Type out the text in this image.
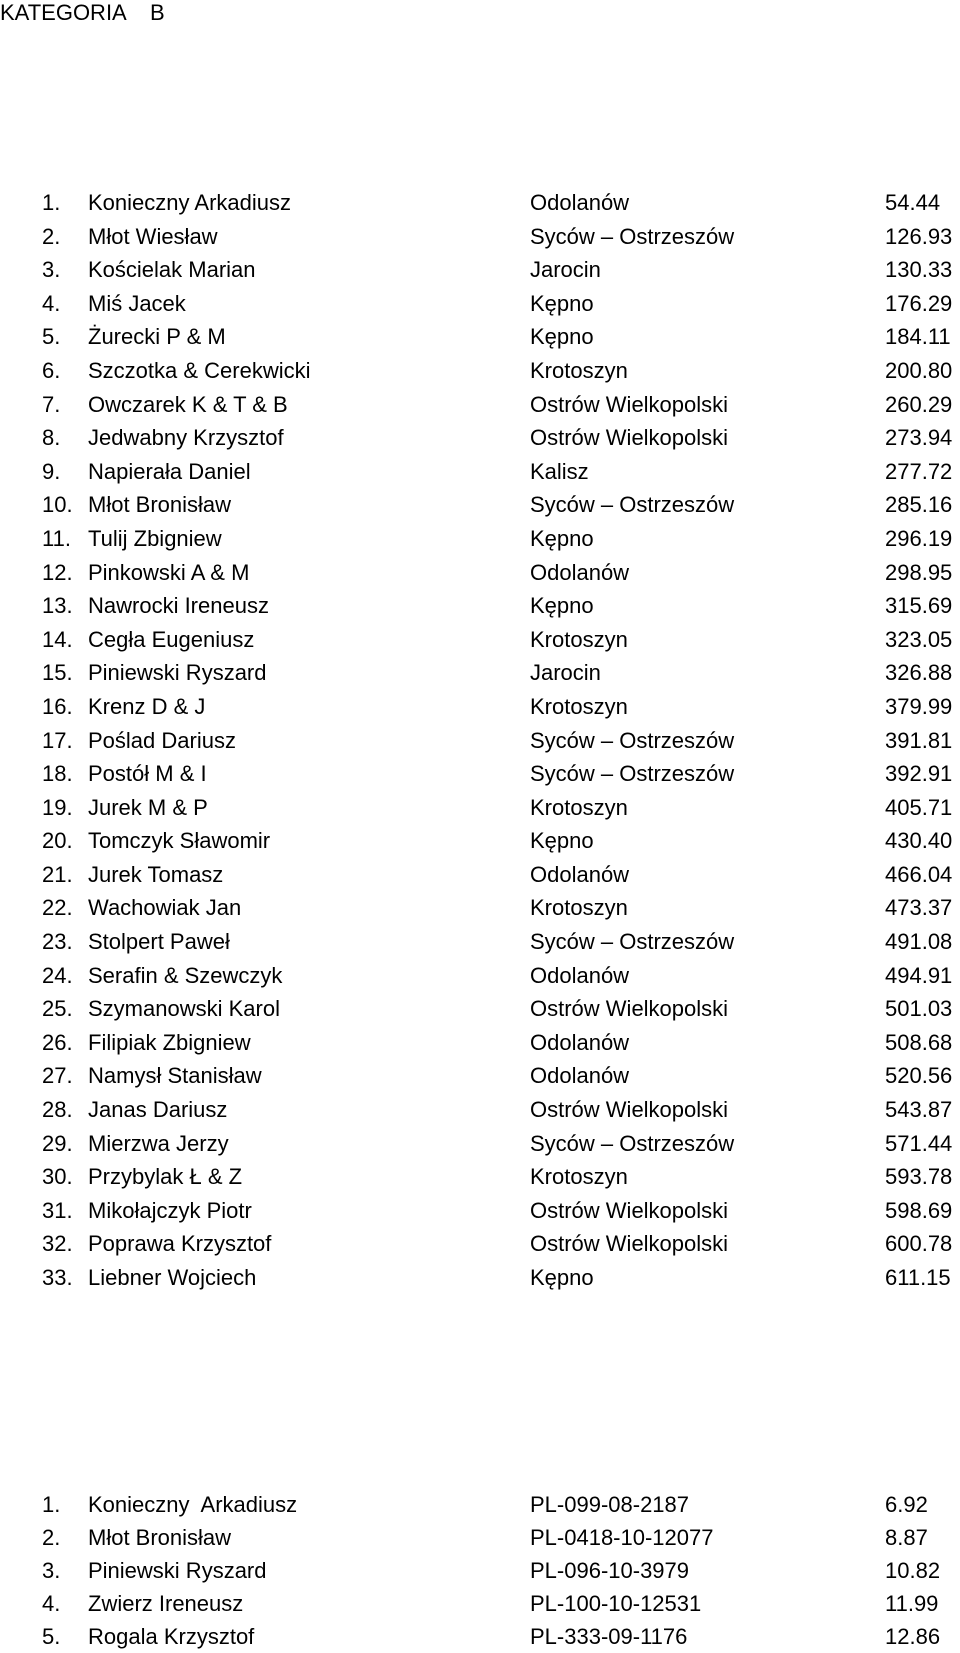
KATEGORIA B
1. Konieczny Arkadiusz	Odolanów	54.44
2. Młot Wiesław	Syców – Ostrzeszów	126.93
3. Kościelak Marian	Jarocin	130.33
4. Miś Jacek	Kępno	176.29
5. Żurecki P & M	Kępno	184.11
6. Szczotka & Cerekwicki	Krotoszyn	200.80
7. Owczarek K & T & B	Ostrów Wielkopolski	260.29
8. Jedwabny Krzysztof	Ostrów Wielkopolski	273.94
9. Napierała Daniel	Kalisz	277.72
10. Młot Bronisław	Syców – Ostrzeszów	285.16
11. Tulij Zbigniew	Kępno	296.19
12. Pinkowski A & M	Odolanów	298.95
13. Nawrocki Ireneusz	Kępno	315.69
14. Cegła Eugeniusz	Krotoszyn	323.05
15. Piniewski Ryszard	Jarocin	326.88
16. Krenz D & J	Krotoszyn	379.99
17. Poślad Dariusz	Syców – Ostrzeszów	391.81
18. Postół M & I	Syców – Ostrzeszów	392.91
19. Jurek M & P	Krotoszyn	405.71
20. Tomczyk Sławomir	Kępno	430.40
21. Jurek Tomasz	Odolanów	466.04
22. Wachowiak Jan	Krotoszyn	473.37
23. Stolpert Paweł	Syców – Ostrzeszów	491.08
24. Serafin & Szewczyk	Odolanów	494.91
25. Szymanowski Karol	Ostrów Wielkopolski	501.03
26. Filipiak Zbigniew	Odolanów	508.68
27. Namysł Stanisław	Odolanów	520.56
28. Janas Dariusz	Ostrów Wielkopolski	543.87
29. Mierzwa Jerzy	Syców – Ostrzeszów	571.44
30. Przybylak Ł & Z	Krotoszyn	593.78
31. Mikołajczyk Piotr	Ostrów Wielkopolski	598.69
32. Poprawa Krzysztof	Ostrów Wielkopolski	600.78
33. Liebner Wojciech	Kępno	611.15
1. Konieczny  Arkadiusz	PL-099-08-2187	6.92
2. Młot Bronisław	PL-0418-10-12077	8.87
3. Piniewski Ryszard	PL-096-10-3979	10.82
4. Zwierz Ireneusz	PL-100-10-12531	11.99
5. Rogala Krzysztof	PL-333-09-1176	12.86
